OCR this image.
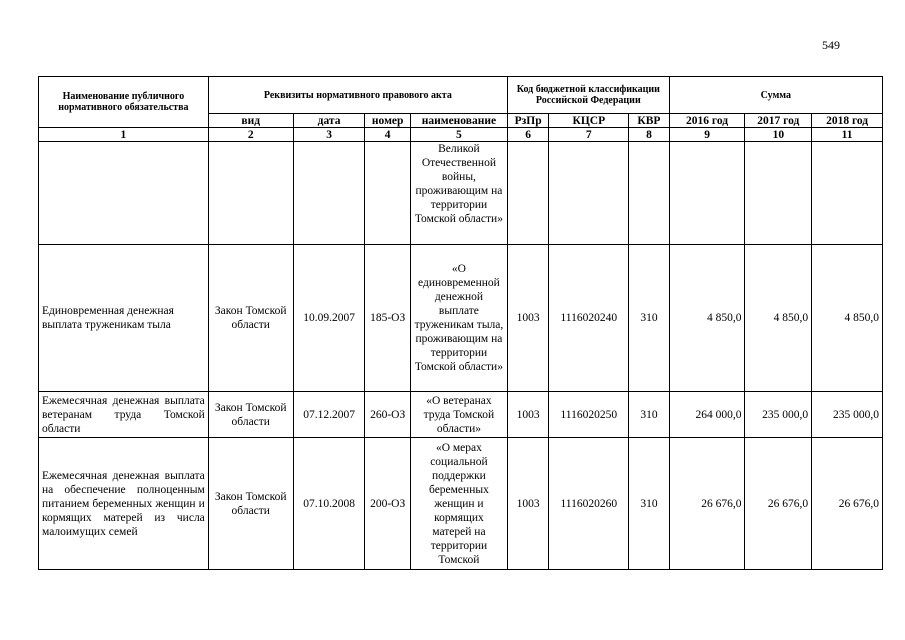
549
Наименование публичного нормативного обязательства	Реквизиты нормативного правового акта				Код бюджетной классификации Российской Федерации			Сумма		
	вид	дата	номер	наименование	РзПр	КЦСР	КВР	2016 год	2017 год	2018 год
1	2	3	4	5	6	7	8	9	10	11
				Великой Отечественной войны, проживающим на территории Томской области»						
Единовременная денежная выплата труженикам тыла	Закон Томской области	10.09.2007	185-ОЗ	«О единовременной денежной выплате труженикам тыла, проживающим на территории Томской области»	1003	1116020240	310	4 850,0	4 850,0	4 850,0
Ежемесячная денежная выплата ветеранам труда Томской области	Закон Томской области	07.12.2007	260-ОЗ	«О ветеранах труда Томской области»	1003	1116020250	310	264 000,0	235 000,0	235 000,0
Ежемесячная денежная выплата на обеспечение полноценным питанием беременных женщин и кормящих матерей из числа малоимущих семей	Закон Томской области	07.10.2008	200-ОЗ	«О мерах социальной поддержки беременных женщин и кормящих матерей на территории Томской	1003	1116020260	310	26 676,0	26 676,0	26 676,0
